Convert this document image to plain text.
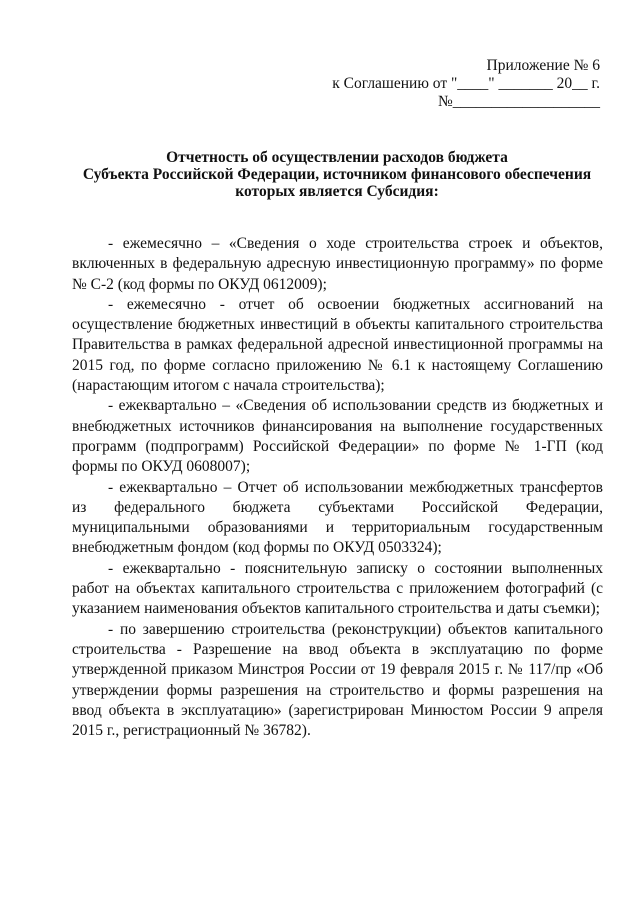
Приложение № 6
к Соглашению от "____" _______ 20__ г.
№___________________
Отчетность об осуществлении расходов бюджета
Субъекта Российской Федерации, источником финансового обеспечения
которых является Субсидия:

- ежемесячно – «Сведения о ходе строительства строек и объектов, включенных в федеральную адресную инвестиционную программу» по форме № С-2 (код формы по ОКУД 0612009);

- ежемесячно - отчет об освоении бюджетных ассигнований на осуществление бюджетных инвестиций в объекты капитального строительства Правительства в рамках федеральной адресной инвестиционной программы на 2015 год, по форме согласно приложению № 6.1 к настоящему Соглашению (нарастающим итогом с начала строительства);

- ежеквартально – «Сведения об использовании средств из бюджетных и внебюджетных источников финансирования на выполнение государственных программ (подпрограмм) Российской Федерации» по форме № 1-ГП (код формы по ОКУД 0608007);

- ежеквартально – Отчет об использовании межбюджетных трансфертов из федерального бюджета субъектами Российской Федерации, муниципальными образованиями и территориальным государственным внебюджетным фондом (код формы по ОКУД 0503324);

- ежеквартально - пояснительную записку о состоянии выполненных работ на объектах капитального строительства с приложением фотографий (с указанием наименования объектов капитального строительства и даты съемки);

- по завершению строительства (реконструкции) объектов капитального строительства - Разрешение на ввод объекта в эксплуатацию по форме утвержденной приказом Минстроя России от 19 февраля 2015 г. № 117/пр «Об утверждении формы разрешения на строительство и формы разрешения на ввод объекта в эксплуатацию» (зарегистрирован Минюстом России 9 апреля 2015 г., регистрационный № 36782).
